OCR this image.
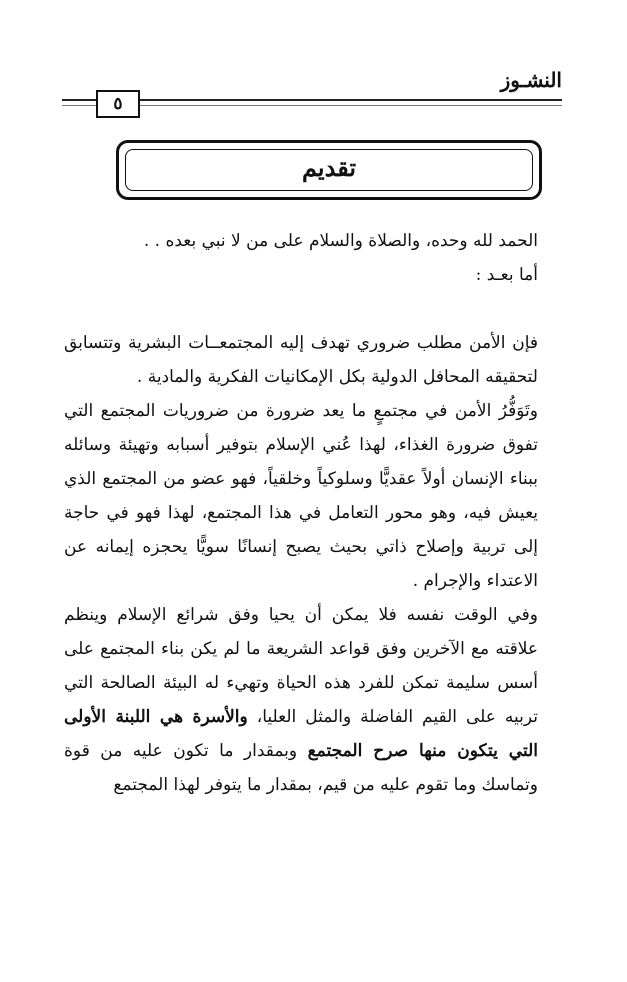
النشـوز
٥
تقديم

الحمد لله وحده، والصلاة والسلام على من لا نبي بعده . .

أما بعـد :

فإن الأمن مطلب ضروري تهدف إليه المجتمعــات البشرية وتتسابق لتحقيقه المحافل الدولية بكل الإمكانيات الفكرية والمادية .

وتَوَفُّرُ الأمن في مجتمعٍ ما يعد ضرورة من ضروريات المجتمع التي تفوق ضرورة الغذاء، لهذا عُني الإسلام بتوفير أسبابه وتهيئة وسائله ببناء الإنسان أولاً عقديًّا وسلوكياً وخلقياً، فهو عضو من المجتمع الذي يعيش فيه، وهو محور التعامل في هذا المجتمع، لهذا فهو في حاجة إلى تربية وإصلاح ذاتي بحيث يصبح إنسانًا سويًّا يحجزه إيمانه عن الاعتداء والإجرام .

وفي الوقت نفسه فلا يمكن أن يحيا وفق شرائع الإسلام وينظم علاقته مع الآخرين وفق قواعد الشريعة ما لم يكن بناء المجتمع على أسس سليمة تمكن للفرد هذه الحياة وتهيء له البيئة الصالحة التي تربيه على القيم الفاضلة والمثل العليا، والأسرة هي اللبنة الأولى التي يتكون منها صرح المجتمع وبمقدار ما تكون عليه من قوة وتماسك وما تقوم عليه من قيم، بمقدار ما يتوفر لهذا المجتمع
